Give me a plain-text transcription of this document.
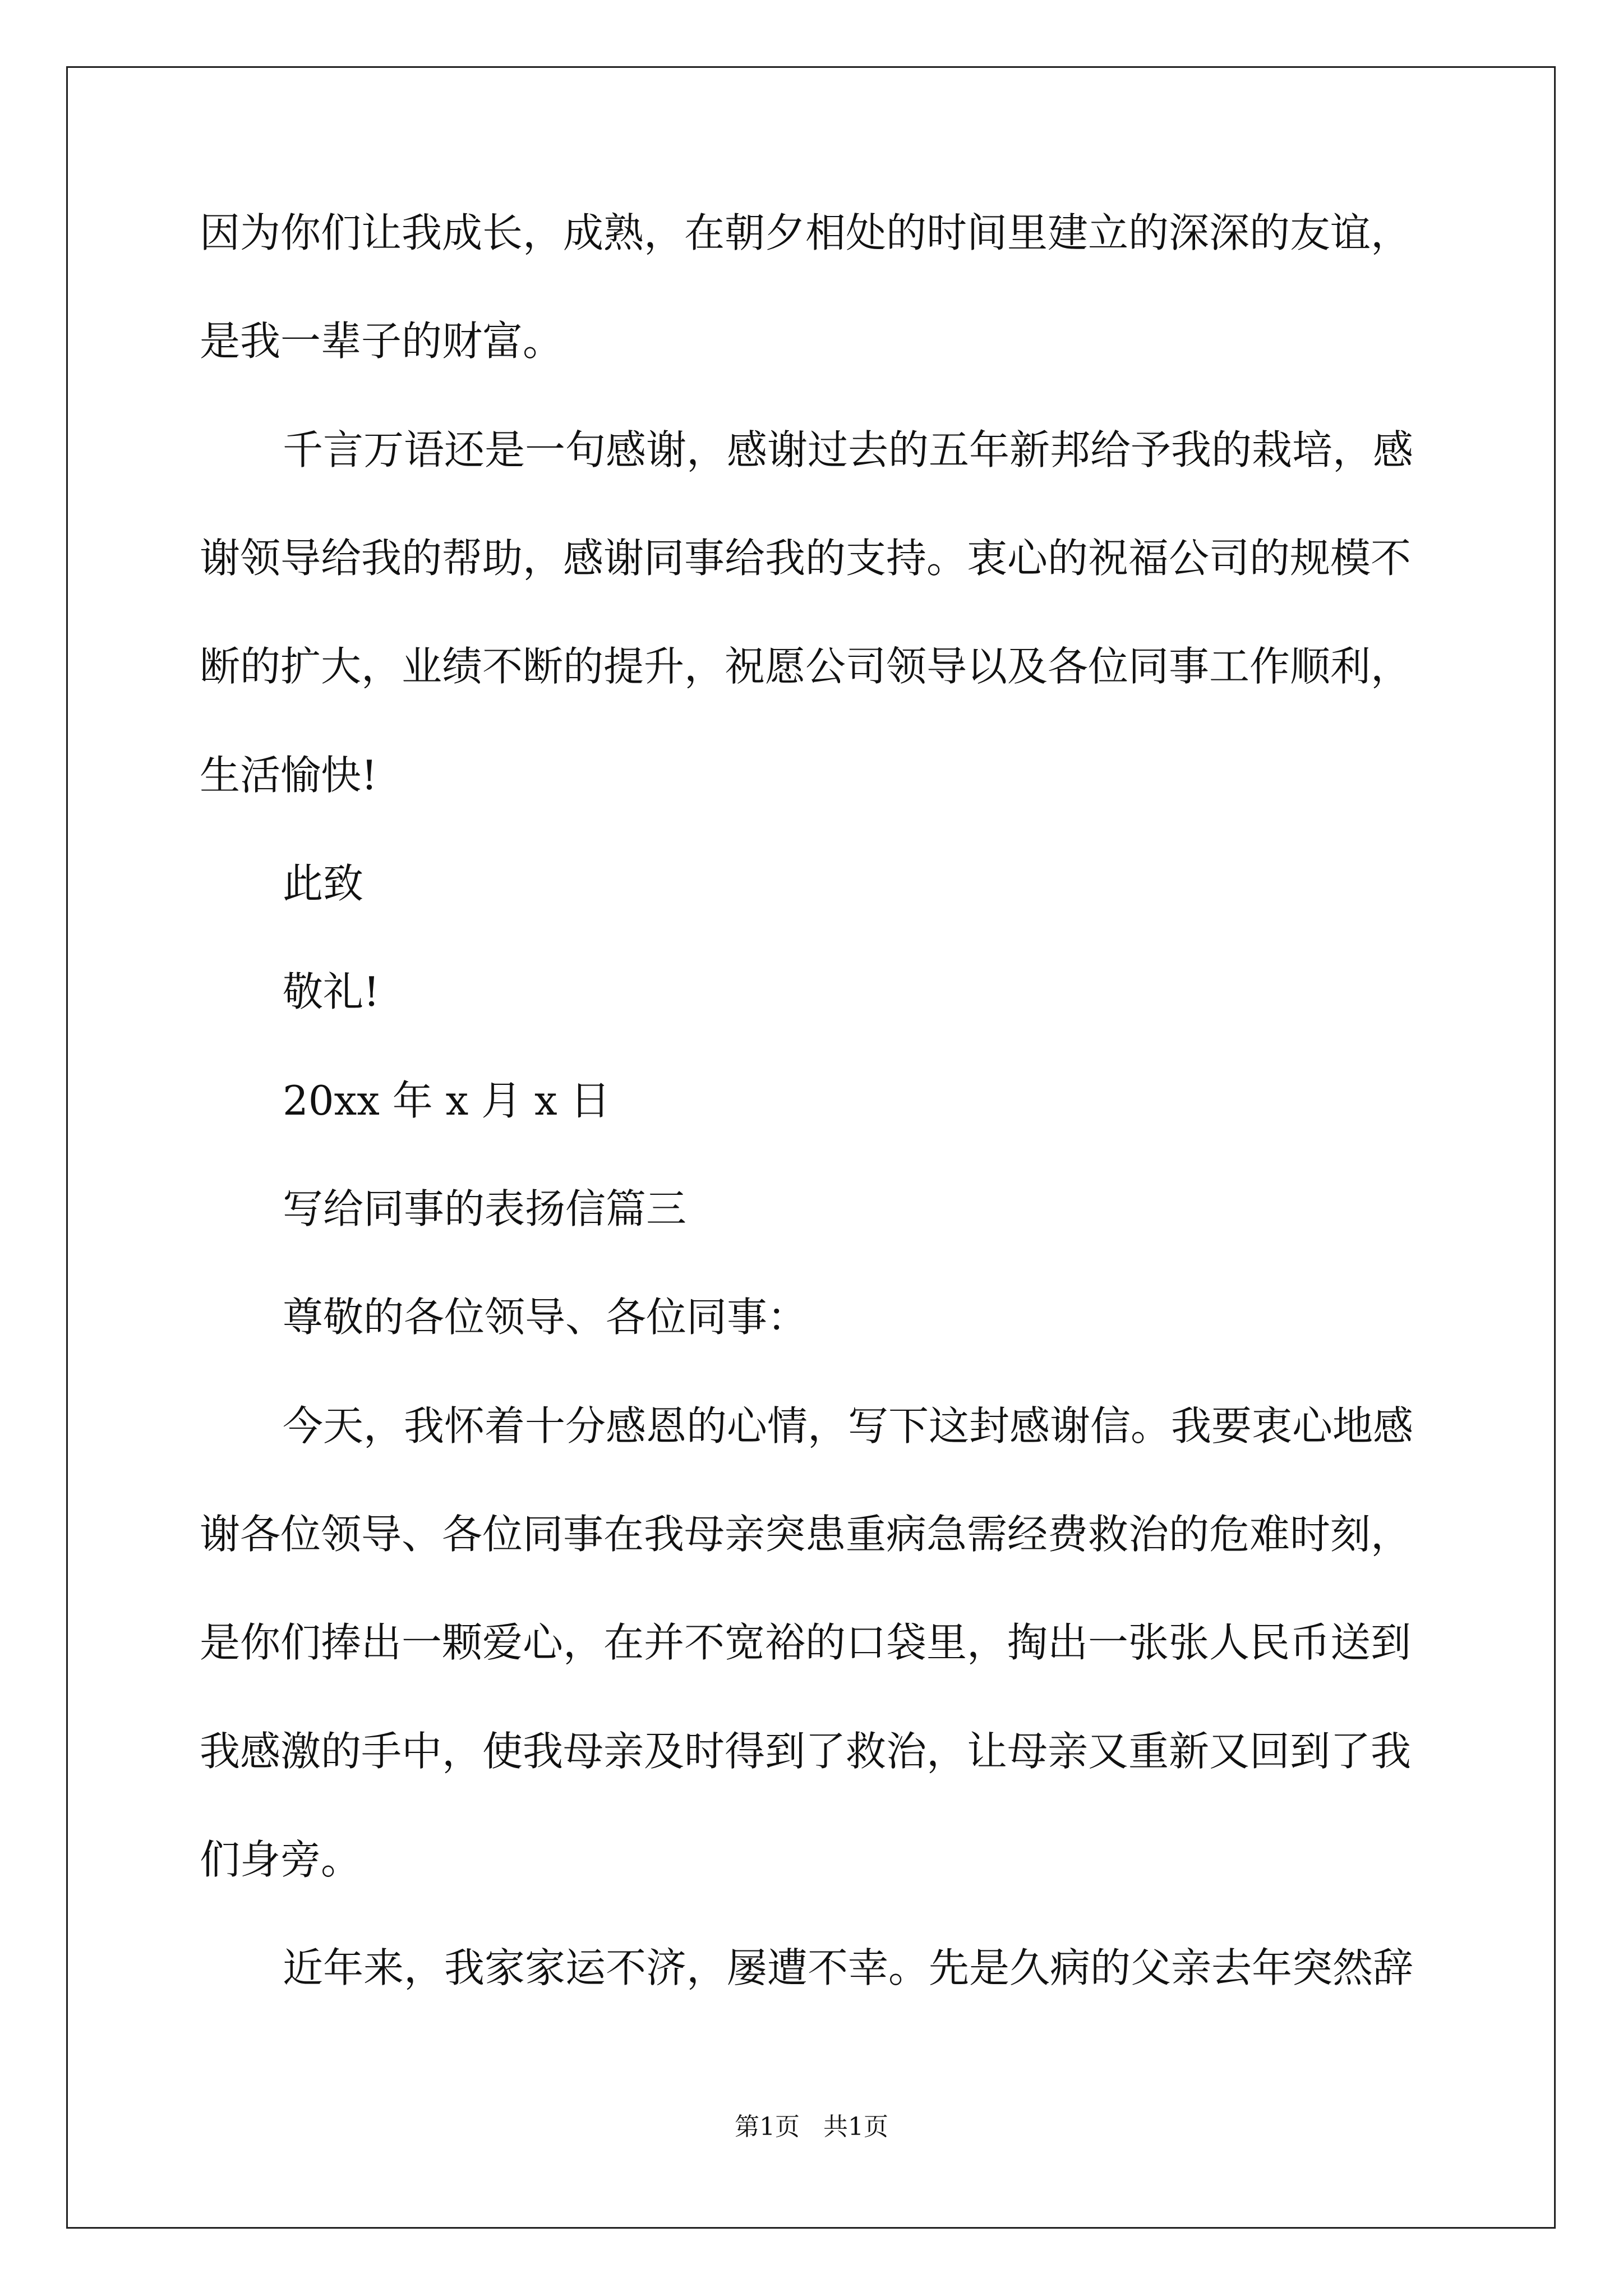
因为你们让我成长，成熟，在朝夕相处的时间里建立的深深的友谊，
是我一辈子的财富。
千言万语还是一句感谢，感谢过去的五年新邦给予我的栽培，感
谢领导给我的帮助，感谢同事给我的支持。衷心的祝福公司的规模不
断的扩大，业绩不断的提升，祝愿公司领导以及各位同事工作顺利，
生活愉快!
此致
敬礼!
20xx 年 x 月 x 日
写给同事的表扬信篇三
尊敬的各位领导、各位同事：
今天，我怀着十分感恩的心情，写下这封感谢信。我要衷心地感
谢各位领导、各位同事在我母亲突患重病急需经费救治的危难时刻，
是你们捧出一颗爱心，在并不宽裕的口袋里，掏出一张张人民币送到
我感激的手中，使我母亲及时得到了救治，让母亲又重新又回到了我
们身旁。
近年来，我家家运不济，屡遭不幸。先是久病的父亲去年突然辞
第1页   共1页
